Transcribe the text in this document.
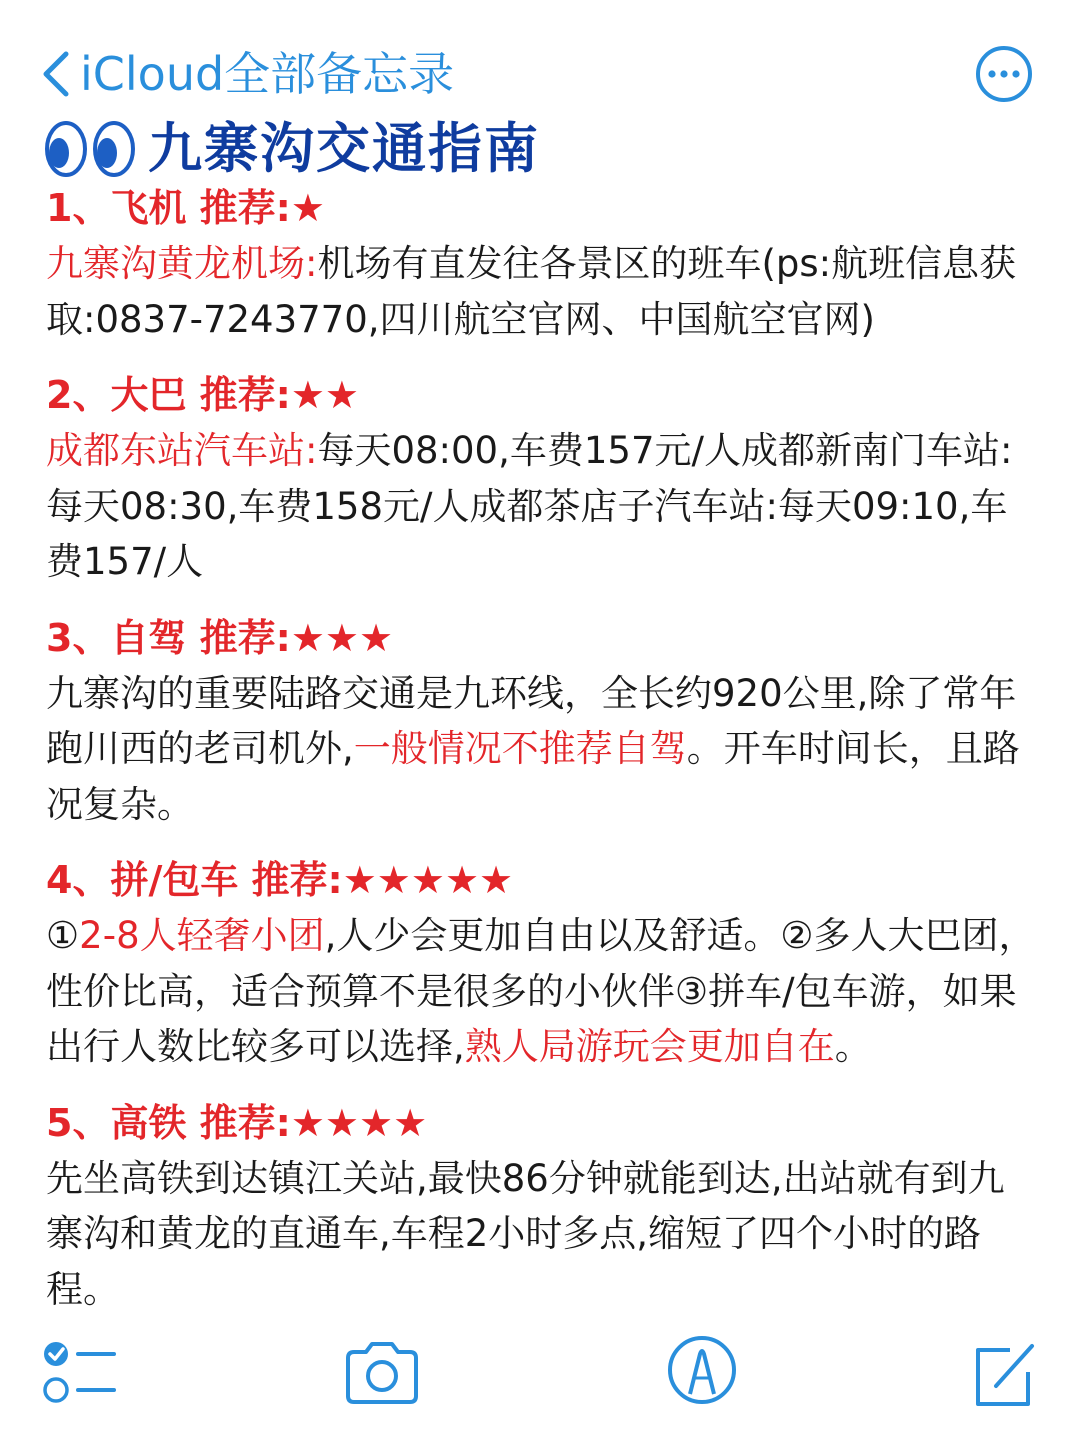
iCloud全部备忘录
九寨沟交通指南
1、飞机 推荐:★

九寨沟黄龙机场:机场有直发往各景区的班车(ps:航班信息获取:0837-7243770,四川航空官网、中国航空官网)

2、大巴 推荐:★★

成都东站汽车站:每天08:00,车费157元/人成都新南门车站:每天08:30,车费158元/人成都茶店子汽车站:每天09:10,车费157/人

3、自驾 推荐:★★★

九寨沟的重要陆路交通是九环线，全长约920公里,除了常年跑川西的老司机外,一般情况不推荐自驾。开车时间长，且路况复杂。

4、拼/包车 推荐:★★★★★

①2-8人轻奢小团,人少会更加自由以及舒适。②多人大巴团，性价比高，适合预算不是很多的小伙伴③拼车/包车游，如果出行人数比较多可以选择,熟人局游玩会更加自在。

5、高铁 推荐:★★★★

先坐高铁到达镇江关站,最快86分钟就能到达,出站就有到九寨沟和黄龙的直通车,车程2小时多点,缩短了四个小时的路程。
